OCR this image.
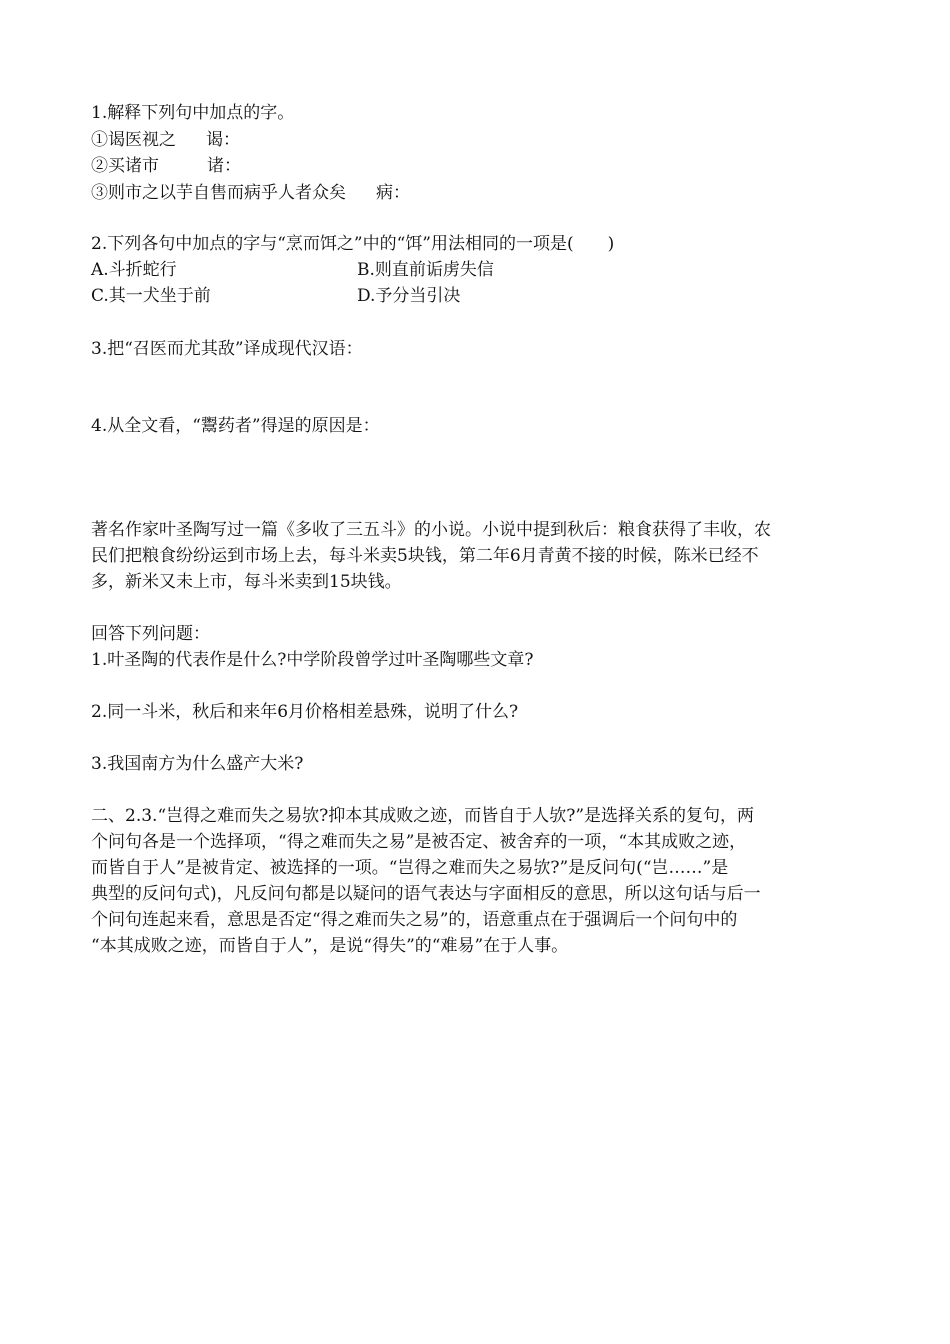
1.解释下列句中加点的字。
①谒医视之 谒：
②买诸市	诸：
③则市之以芋自售而病乎人者众矣 病：
2.下列各句中加点的字与“烹而饵之”中的“饵”用法相同的一项是(　　)
A.斗折蛇行	B.则直前诟虏失信
C.其一犬坐于前	D.予分当引决
3.把“召医而尤其敌”译成现代汉语：
4.从全文看，“鬻药者”得逞的原因是：
著名作家叶圣陶写过一篇《多收了三五斗》的小说。小说中提到秋后：粮食获得了丰收，农
民们把粮食纷纷运到市场上去，每斗米卖5块钱，第二年6月青黄不接的时候，陈米已经不
多，新米又未上市，每斗米卖到15块钱。
回答下列问题：
1.叶圣陶的代表作是什么?中学阶段曾学过叶圣陶哪些文章?
2.同一斗米，秋后和来年6月价格相差悬殊，说明了什么?
3.我国南方为什么盛产大米?
二、2.3.“岂得之难而失之易欤?抑本其成败之迹，而皆自于人欤?”是选择关系的复句，两
个问句各是一个选择项，“得之难而失之易”是被否定、被舍弃的一项，“本其成败之迹，
而皆自于人”是被肯定、被选择的一项。“岂得之难而失之易欤?”是反问句(“岂……”是
典型的反问句式)，凡反问句都是以疑问的语气表达与字面相反的意思，所以这句话与后一
个问句连起来看，意思是否定“得之难而失之易”的，语意重点在于强调后一个问句中的
“本其成败之迹，而皆自于人”，是说“得失”的“难易”在于人事。
